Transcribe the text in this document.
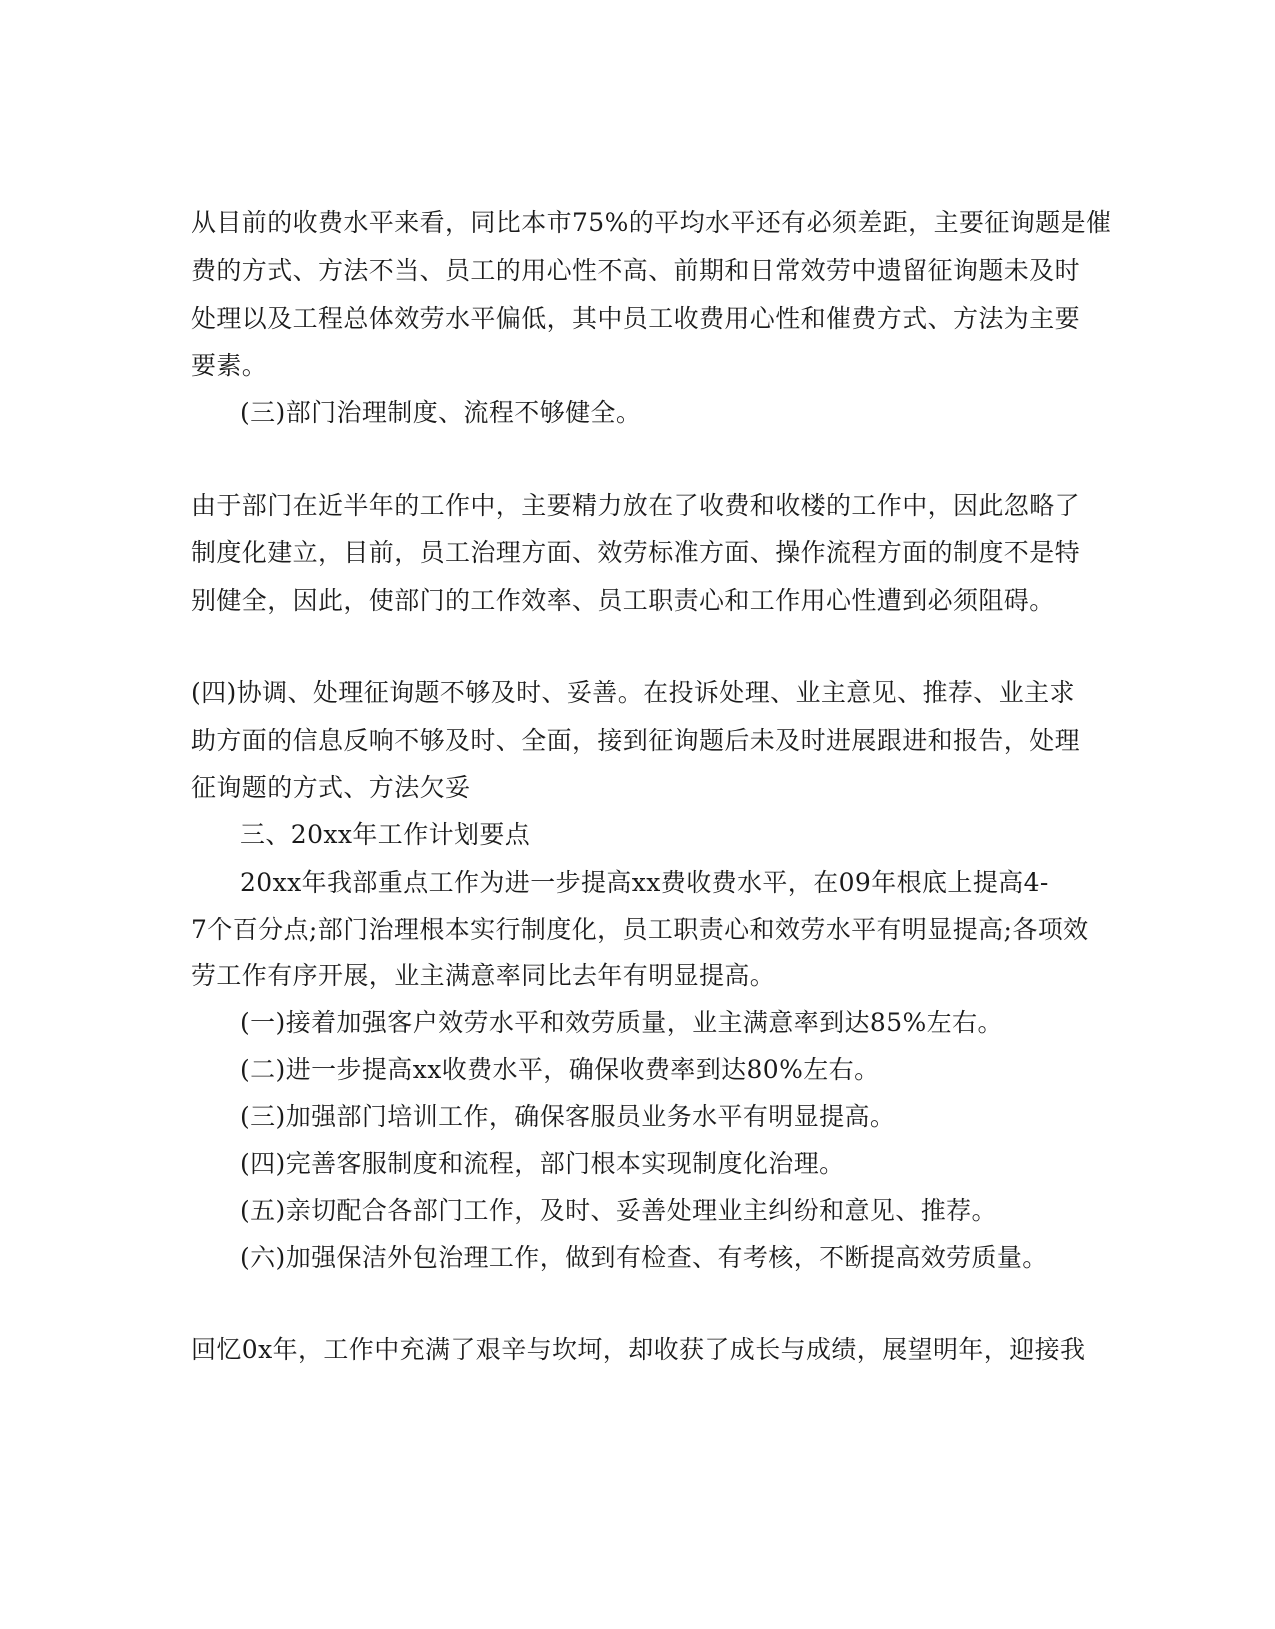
从目前的收费水平来看，同比本市75%的平均水平还有必须差距，主要征询题是催
费的方式、方法不当、员工的用心性不高、前期和日常效劳中遗留征询题未及时
处理以及工程总体效劳水平偏低，其中员工收费用心性和催费方式、方法为主要
要素。
(三)部门治理制度、流程不够健全。
由于部门在近半年的工作中，主要精力放在了收费和收楼的工作中，因此忽略了
制度化建立，目前，员工治理方面、效劳标准方面、操作流程方面的制度不是特
别健全，因此，使部门的工作效率、员工职责心和工作用心性遭到必须阻碍。
(四)协调、处理征询题不够及时、妥善。在投诉处理、业主意见、推荐、业主求
助方面的信息反响不够及时、全面，接到征询题后未及时进展跟进和报告，处理
征询题的方式、方法欠妥
三、20xx年工作计划要点
20xx年我部重点工作为进一步提高xx费收费水平，在09年根底上提高4-
7个百分点;部门治理根本实行制度化，员工职责心和效劳水平有明显提高;各项效
劳工作有序开展，业主满意率同比去年有明显提高。
(一)接着加强客户效劳水平和效劳质量，业主满意率到达85%左右。
(二)进一步提高xx收费水平，确保收费率到达80%左右。
(三)加强部门培训工作，确保客服员业务水平有明显提高。
(四)完善客服制度和流程，部门根本实现制度化治理。
(五)亲切配合各部门工作，及时、妥善处理业主纠纷和意见、推荐。
(六)加强保洁外包治理工作，做到有检查、有考核，不断提高效劳质量。
回忆0x年，工作中充满了艰辛与坎坷，却收获了成长与成绩，展望明年，迎接我
